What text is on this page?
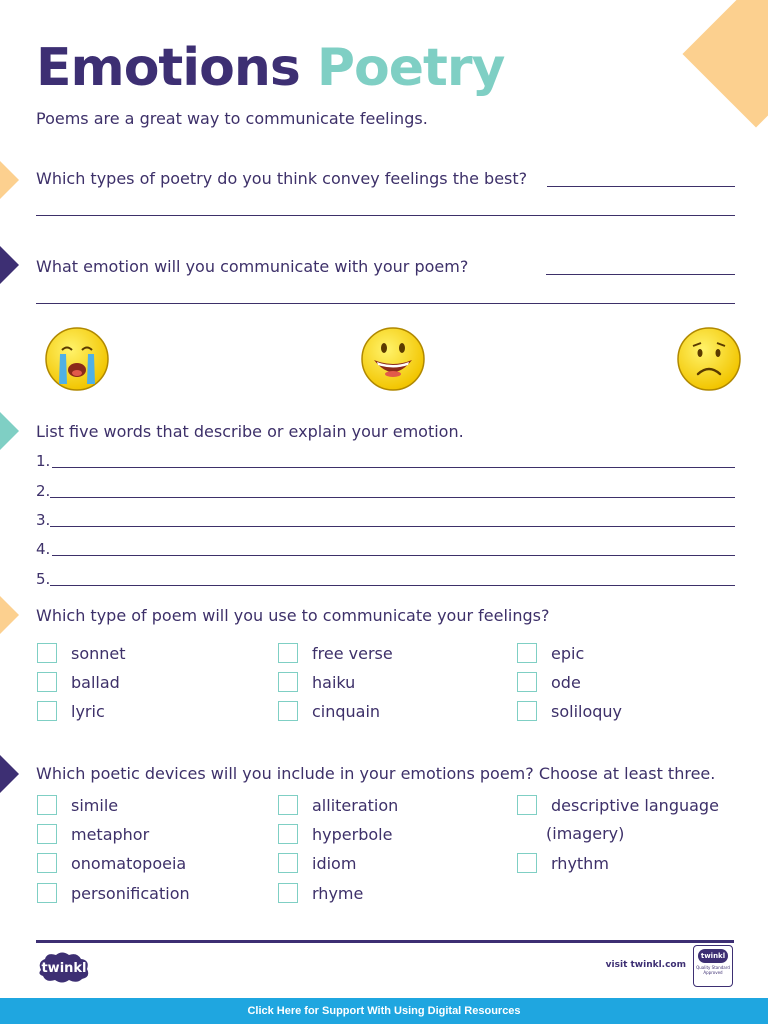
Emotions Poetry
Poems are a great way to communicate feelings.
Which types of poetry do you think convey feelings the best?
What emotion will you communicate with your poem?
List five words that describe or explain your emotion.
1.
2.
3.
4.
5.
Which type of poem will you use to communicate your feelings?
sonnet
ballad
lyric
free verse
haiku
cinquain
epic
ode
soliloquy
Which poetic devices will you include in your emotions poem? Choose at least three.
simile
metaphor
onomatopoeia
personification
alliteration
hyperbole
idiom
rhyme
descriptive language
(imagery)
rhythm
twinkl	visit twinkl.com
twinkl
Quality Standard Approved
Click Here for Support With Using Digital Resources
